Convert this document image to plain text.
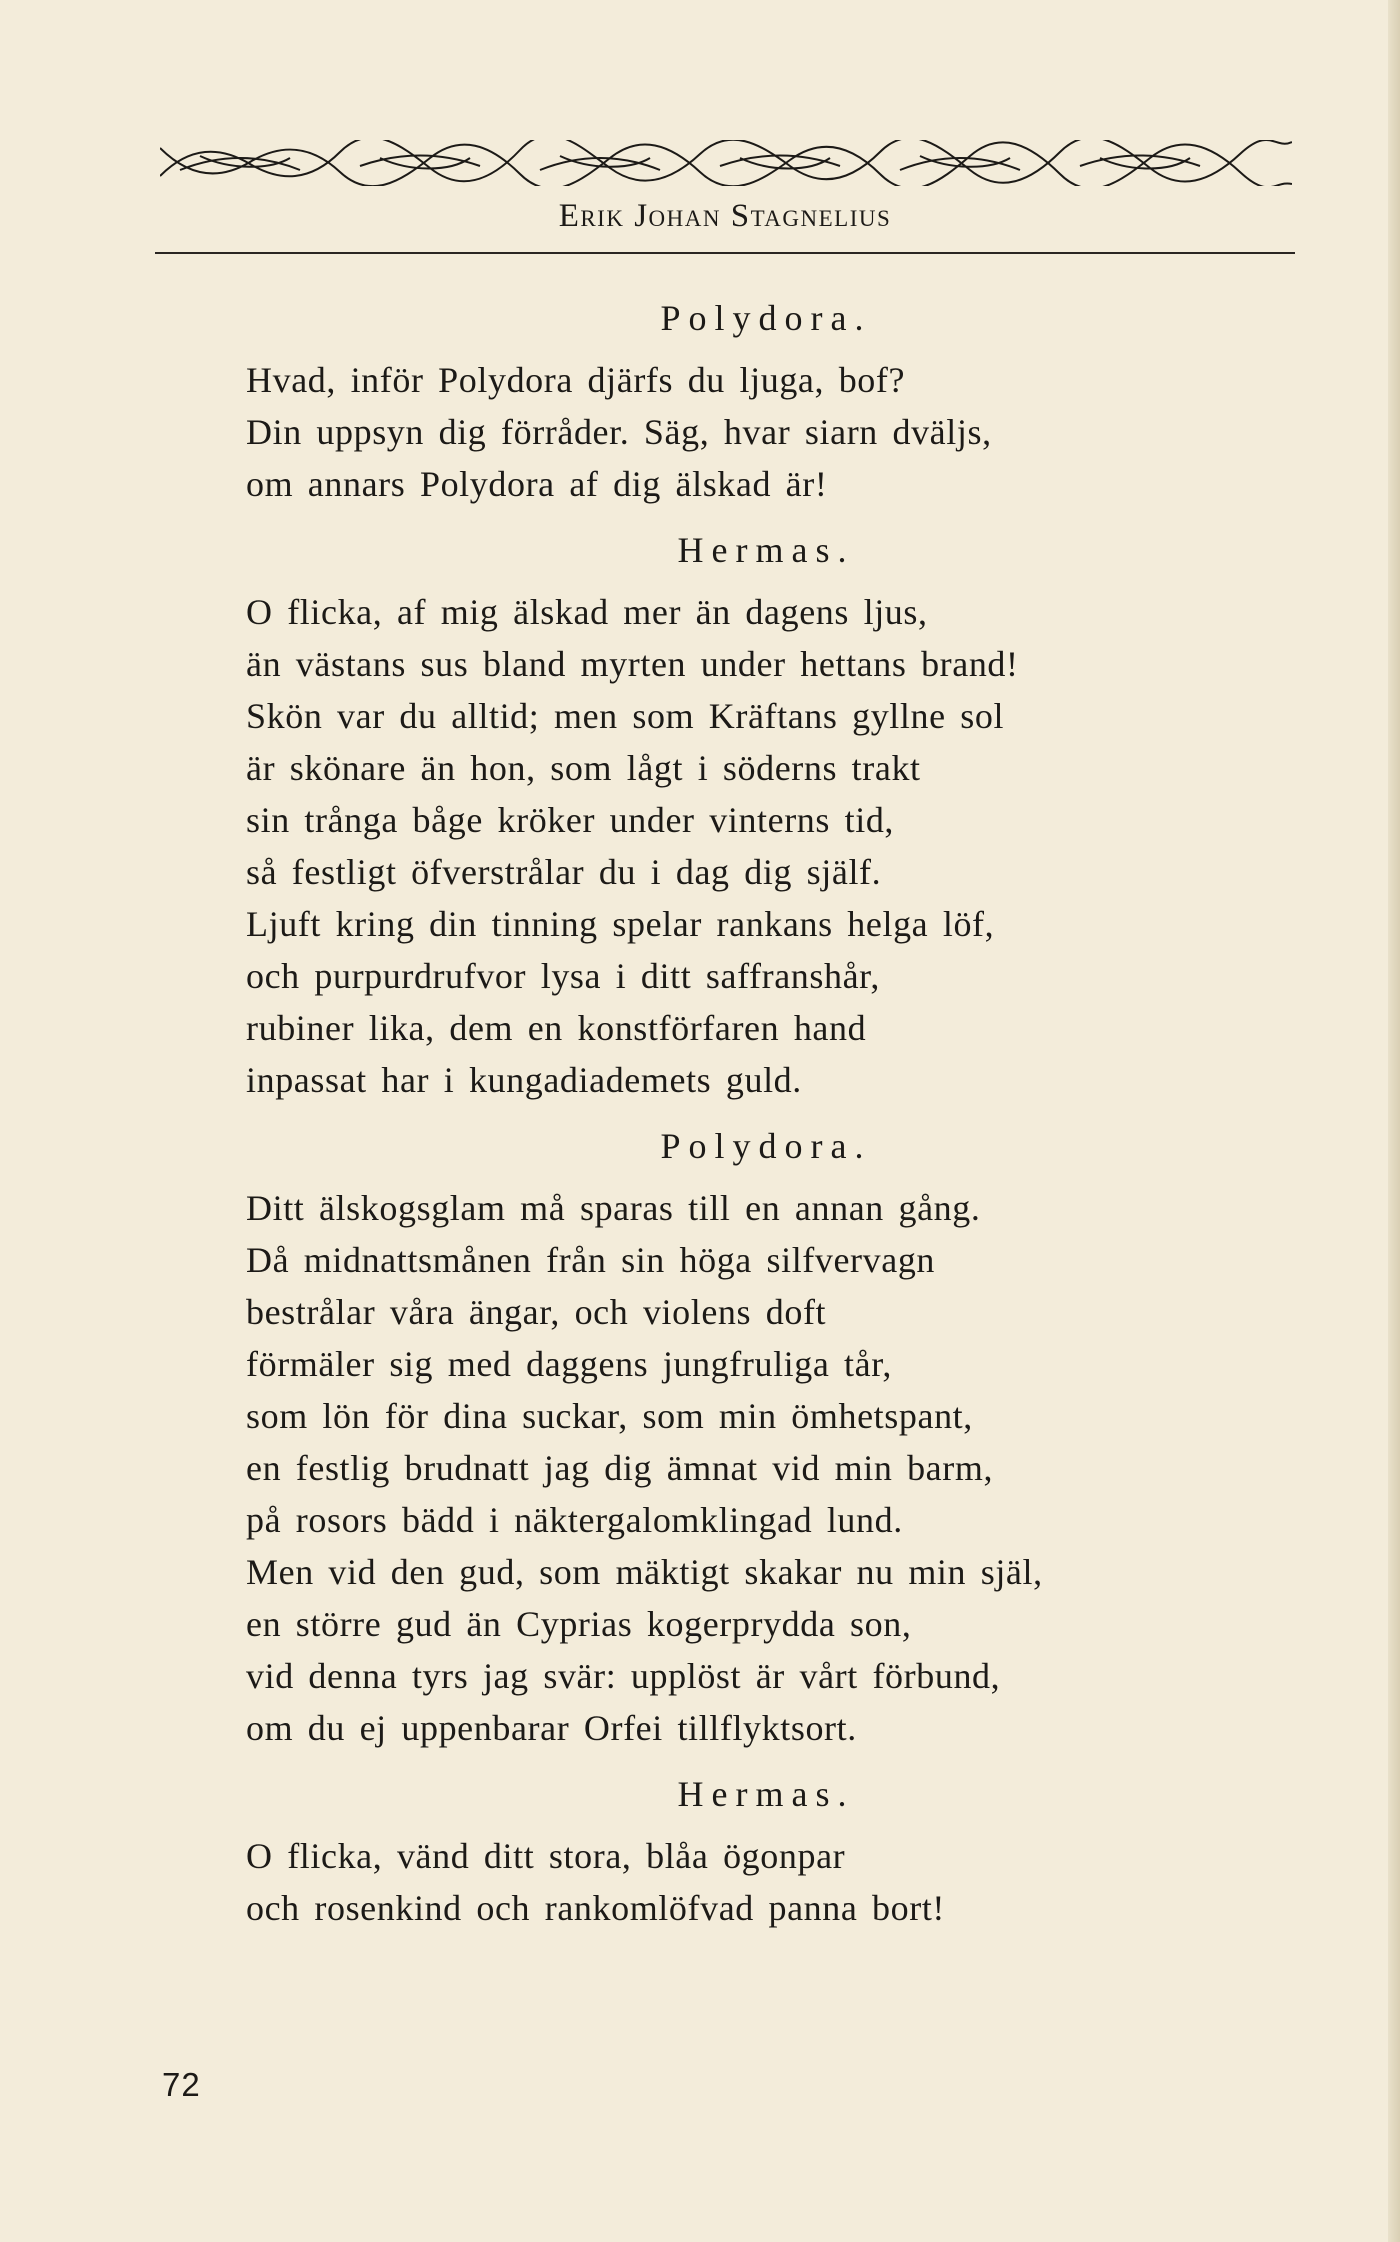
Erik Johan Stagnelius
Polydora.
Hvad, inför Polydora djärfs du ljuga, bof?
Din uppsyn dig förråder. Säg, hvar siarn dväljs,
om annars Polydora af dig älskad är!
Hermas.
O flicka, af mig älskad mer än dagens ljus,
än västans sus bland myrten under hettans brand!
Skön var du alltid; men som Kräftans gyllne sol
är skönare än hon, som lågt i söderns trakt
sin trånga båge kröker under vinterns tid,
så festligt öfverstrålar du i dag dig själf.
Ljuft kring din tinning spelar rankans helga löf,
och purpurdrufvor lysa i ditt saffranshår,
rubiner lika, dem en konstförfaren hand
inpassat har i kungadiademets guld.
Polydora.
Ditt älskogsglam må sparas till en annan gång.
Då midnattsmånen från sin höga silfvervagn
bestrålar våra ängar, och violens doft
förmäler sig med daggens jungfruliga tår,
som lön för dina suckar, som min ömhetspant,
en festlig brudnatt jag dig ämnat vid min barm,
på rosors bädd i näktergalomklingad lund.
Men vid den gud, som mäktigt skakar nu min själ,
en större gud än Cyprias kogerprydda son,
vid denna tyrs jag svär: upplöst är vårt förbund,
om du ej uppenbarar Orfei tillflyktsort.
Hermas.
O flicka, vänd ditt stora, blåa ögonpar
och rosenkind och rankomlöfvad panna bort!
72
